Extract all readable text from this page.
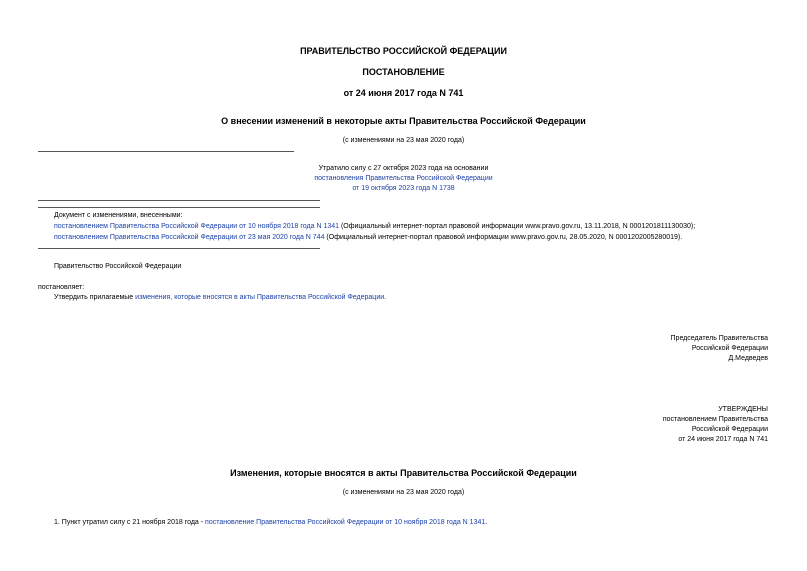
ПРАВИТЕЛЬСТВО РОССИЙСКОЙ ФЕДЕРАЦИИ
ПОСТАНОВЛЕНИЕ
от 24 июня 2017 года N 741
О внесении изменений в некоторые акты Правительства Российской Федерации
(с изменениями на 23 мая 2020 года)
Утратило силу с 27 октября 2023 года на основании
постановления Правительства Российской Федерации
от 19 октября 2023 года N 1738
Документ с изменениями, внесенными:
постановлением Правительства Российской Федерации от 10 ноября 2018 года N 1341 (Официальный интернет-портал правовой информации www.pravo.gov.ru, 13.11.2018, N 0001201811130030);
постановлением Правительства Российской Федерации от 23 мая 2020 года N 744 (Официальный интернет-портал правовой информации www.pravo.gov.ru, 28.05.2020, N 0001202005280019).
Правительство Российской Федерации
постановляет:
Утвердить прилагаемые изменения, которые вносятся в акты Правительства Российской Федерации.
Председатель Правительства
Российской Федерации
Д.Медведев
УТВЕРЖДЕНЫ
постановлением Правительства
Российской Федерации
от 24 июня 2017 года N 741
Изменения, которые вносятся в акты Правительства Российской Федерации
(с изменениями на 23 мая 2020 года)
1. Пункт утратил силу с 21 ноября 2018 года - постановление Правительства Российской Федерации от 10 ноября 2018 года N 1341.
